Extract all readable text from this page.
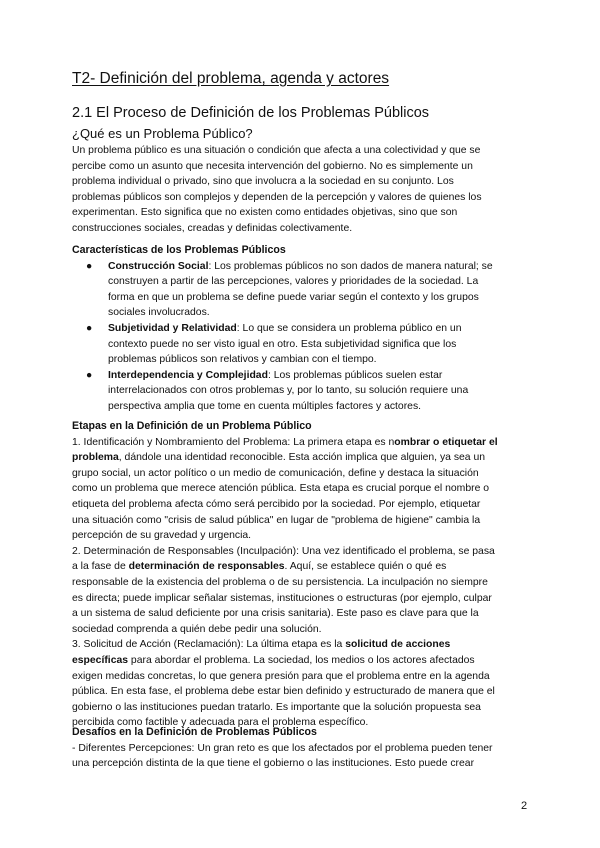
T2- Definición del problema, agenda y actores
2.1 El Proceso de Definición de los Problemas Públicos
¿Qué es un Problema Público?
Un problema público es una situación o condición que afecta a una colectividad y que se
percibe como un asunto que necesita intervención del gobierno. No es simplemente un
problema individual o privado, sino que involucra a la sociedad en su conjunto. Los
problemas públicos son complejos y dependen de la percepción y valores de quienes los
experimentan. Esto significa que no existen como entidades objetivas, sino que son
construcciones sociales, creadas y definidas colectivamente.
Características de los Problemas Públicos
● Construcción Social: Los problemas públicos no son dados de manera natural; se
construyen a partir de las percepciones, valores y prioridades de la sociedad. La
forma en que un problema se define puede variar según el contexto y los grupos
sociales involucrados.
● Subjetividad y Relatividad: Lo que se considera un problema público en un
contexto puede no ser visto igual en otro. Esta subjetividad significa que los
problemas públicos son relativos y cambian con el tiempo.
● Interdependencia y Complejidad: Los problemas públicos suelen estar
interrelacionados con otros problemas y, por lo tanto, su solución requiere una
perspectiva amplia que tome en cuenta múltiples factores y actores.
Etapas en la Definición de un Problema Público
1. Identificación y Nombramiento del Problema: La primera etapa es nombrar o etiquetar el
problema, dándole una identidad reconocible. Esta acción implica que alguien, ya sea un
grupo social, un actor político o un medio de comunicación, define y destaca la situación
como un problema que merece atención pública. Esta etapa es crucial porque el nombre o
etiqueta del problema afecta cómo será percibido por la sociedad. Por ejemplo, etiquetar
una situación como "crisis de salud pública" en lugar de "problema de higiene" cambia la
percepción de su gravedad y urgencia.
2. Determinación de Responsables (Inculpación): Una vez identificado el problema, se pasa
a la fase de determinación de responsables. Aquí, se establece quién o qué es
responsable de la existencia del problema o de su persistencia. La inculpación no siempre
es directa; puede implicar señalar sistemas, instituciones o estructuras (por ejemplo, culpar
a un sistema de salud deficiente por una crisis sanitaria). Este paso es clave para que la
sociedad comprenda a quién debe pedir una solución.
3. Solicitud de Acción (Reclamación): La última etapa es la solicitud de acciones
específicas para abordar el problema. La sociedad, los medios o los actores afectados
exigen medidas concretas, lo que genera presión para que el problema entre en la agenda
pública. En esta fase, el problema debe estar bien definido y estructurado de manera que el
gobierno o las instituciones puedan tratarlo. Es importante que la solución propuesta sea
percibida como factible y adecuada para el problema específico.
Desafíos en la Definición de Problemas Públicos
- Diferentes Percepciones: Un gran reto es que los afectados por el problema pueden tener
una percepción distinta de la que tiene el gobierno o las instituciones. Esto puede crear
2
